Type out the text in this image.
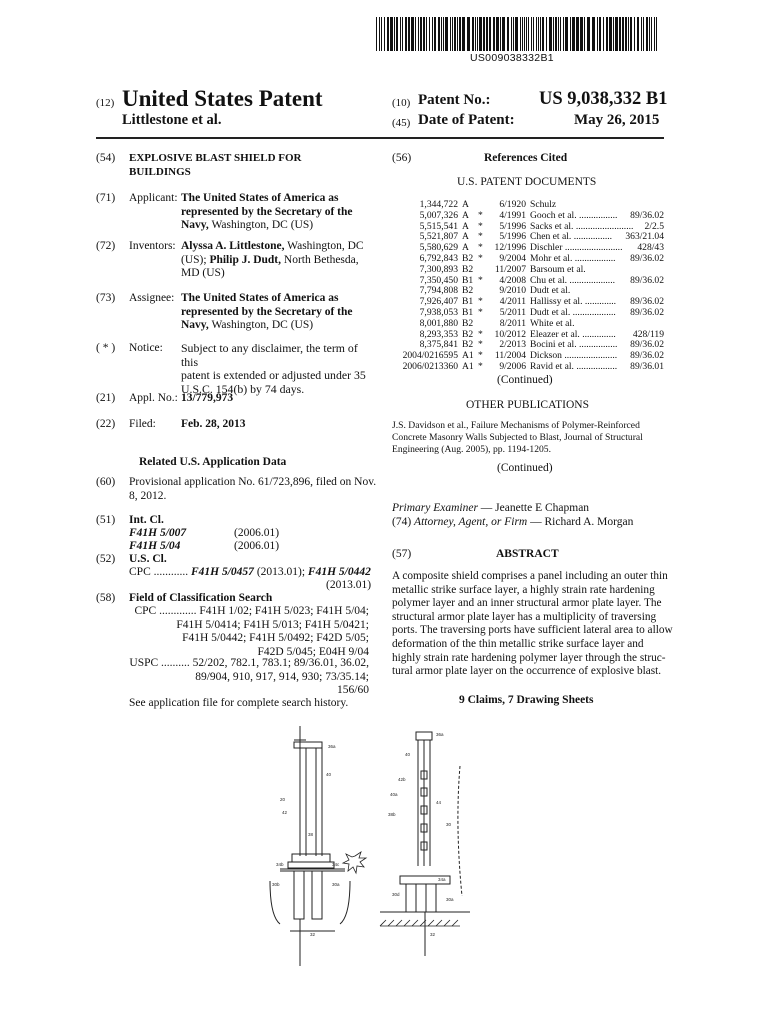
US009038332B1
(12) United States Patent
Littlestone et al.
(10) Patent No.:	US 9,038,332 B1
(45) Date of Patent:	May 26, 2015
(54) EXPLOSIVE BLAST SHIELD FOR
BUILDINGS
(71) Applicant: The United States of America as
represented by the Secretary of the
Navy, Washington, DC (US)
(72) Inventors: Alyssa A. Littlestone, Washington, DC
(US); Philip J. Dudt, North Bethesda,
MD (US)
(73) Assignee: The United States of America as
represented by the Secretary of the
Navy, Washington, DC (US)
( * ) Notice: Subject to any disclaimer, the term of this
patent is extended or adjusted under 35
U.S.C. 154(b) by 74 days.
(21) Appl. No.: 13/779,973
(22) Filed: Feb. 28, 2013
Related U.S. Application Data
(60) Provisional application No. 61/723,896, filed on Nov.
8, 2012.
(51) Int. Cl.
F41H 5/007	(2006.01)
F41H 5/04	(2006.01)
(52) U.S. Cl.
CPC ............ F41H 5/0457 (2013.01); F41H 5/0442
(2013.01)
(58) Field of Classification Search
CPC ............. F41H 1/02; F41H 5/023; F41H 5/04;
F41H 5/0414; F41H 5/013; F41H 5/0421;
F41H 5/0442; F41H 5/0492; F42D 5/05;
F42D 5/045; E04H 9/04
USPC .......... 52/202, 782.1, 783.1; 89/36.01, 36.02,
89/904, 910, 917, 914, 930; 73/35.14;
156/60
See application file for complete search history.
(56)	References Cited
U.S. PATENT DOCUMENTS
1,344,722 A	6/1920 Schulz
5,007,326 A *	4/1991 Gooch et al. ................ 89/36.02
5,515,541 A *	5/1996 Sacks et al. ........................ 2/2.5
5,521,807 A *	5/1996 Chen et al. ................ 363/21.04
5,580,629 A *	12/1996 Dischler ........................ 428/43
6,792,843 B2 *	9/2004 Mohr et al. ................. 89/36.02
7,300,893 B2	11/2007 Barsoum et al.
7,350,450 B1 *	4/2008 Chu et al. ................... 89/36.02
7,794,808 B2	9/2010 Dudt et al.
7,926,407 B1 *	4/2011 Hallissy et al. ............. 89/36.02
7,938,053 B1 *	5/2011 Dudt et al. .................. 89/36.02
8,001,880 B2	8/2011 White et al.
8,293,353 B2 *	10/2012 Eleazer et al. .............. 428/119
8,375,841 B2 *	2/2013 Bocini et al. ................ 89/36.02
2004/0216595 A1 *	11/2004 Dickson ...................... 89/36.02
2006/0213360 A1 *	9/2006 Ravid et al. ................. 89/36.01
(Continued)
OTHER PUBLICATIONS
J.S. Davidson et al., Failure Mechanisms of Polymer-Reinforced
Concrete Masonry Walls Subjected to Blast, Journal of Structural
Engineering (Aug. 2005), pp. 1194-1205.
(Continued)
Primary Examiner — Jeanette E Chapman
(74) Attorney, Agent, or Firm — Richard A. Morgan
(57)	ABSTRACT
A composite shield comprises a panel including an outer thin
metallic strike surface layer, a highly strain rate hardening
polymer layer and an inner structural armor plate layer. The
structural armor plate layer has a multiplicity of traversing
ports. The traversing ports have sufficient lateral area to allow
deformation of the thin metallic strike surface layer and
highly strain rate hardening polymer layer through the struc-
tural armor plate layer on the occurrence of explosive blast.
9 Claims, 7 Drawing Sheets
36a
40
20
42
38
34b	34c
30b	30a
32
36a
40
42b
40a
38b
44
30
34a
30a
30d
32
